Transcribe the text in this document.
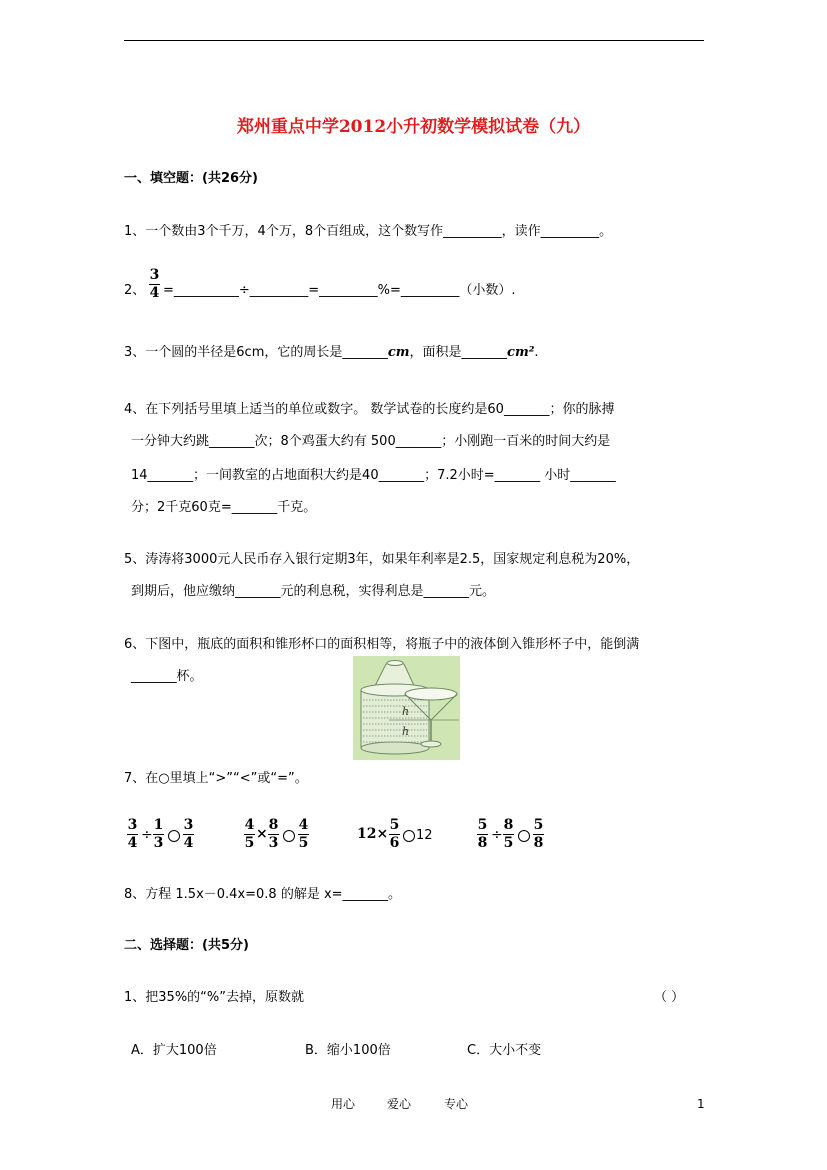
郑州重点中学2012小升初数学模拟试卷（九）
一、填空题：(共26分)
1、一个数由3个千万，4个万，8个百组成，这个数写作_________，读作_________。
2、
3
4 =__________÷_________=_________%=_________（小数）.
3、一个圆的半径是6cm，它的周长是_______cm，面积是_______cm².
4、在下列括号里填上适当的单位或数字。 数学试卷的长度约是60_______；你的脉搏
一分钟大约跳_______次；8个鸡蛋大约有 500_______；小刚跑一百米的时间大约是
14_______；一间教室的占地面积大约是40_______；7.2小时=_______ 小时_______
分；2千克60克=_______千克。
5、涛涛将3000元人民币存入银行定期3年，如果年利率是2.5，国家规定利息税为20%，
到期后，他应缴纳_______元的利息税，实得利息是_______元。
6、下图中，瓶底的面积和锥形杯口的面积相等，将瓶子中的液体倒入锥形杯子中，能倒满
_______杯。
h
h
7、在○里填上“>”“<”或“=”。
3
4 ÷
1
3
3
4
4
5
×
8
3
4
5
12×
5
6 12
5
8 ÷
8
5
5
8
8、方程 1.5x－0.4x=0.8 的解是 x=_______。
二、选择题：(共5分)
1、把35%的“%”去掉，原数就	（ ）
A．扩大100倍	B．缩小100倍	C．大小不变
用心	爱心	专心	1
